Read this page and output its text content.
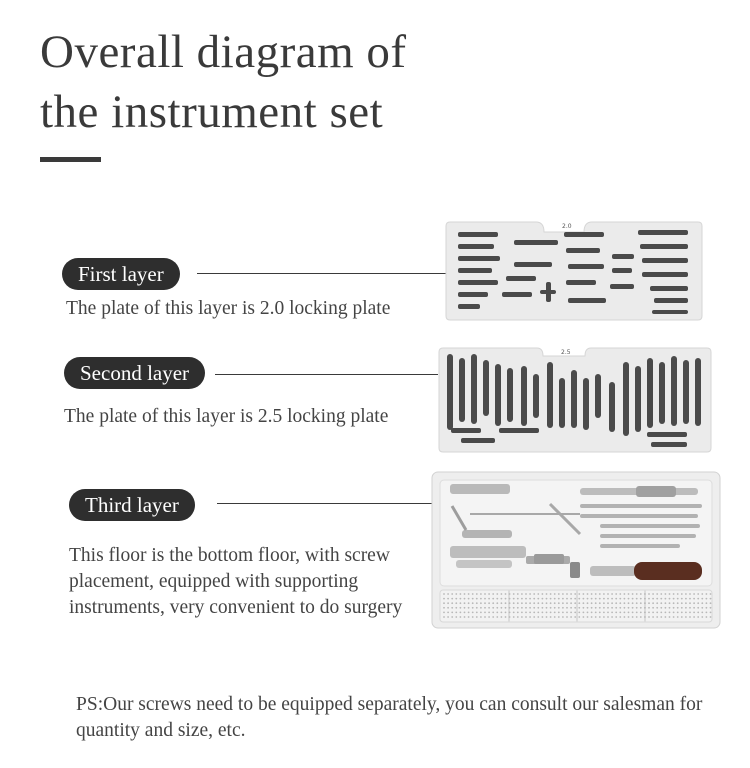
Overall diagram of
the instrument set
First layer
The plate of this layer is 2.0 locking plate
Second layer
The plate of this layer is 2.5 locking plate
Third layer
This floor is the bottom floor, with screw placement, equipped with supporting instruments, very convenient to do surgery
PS:Our screws need to be equipped separately, you can consult our salesman for quantity and size, etc.
2.0
2.5
